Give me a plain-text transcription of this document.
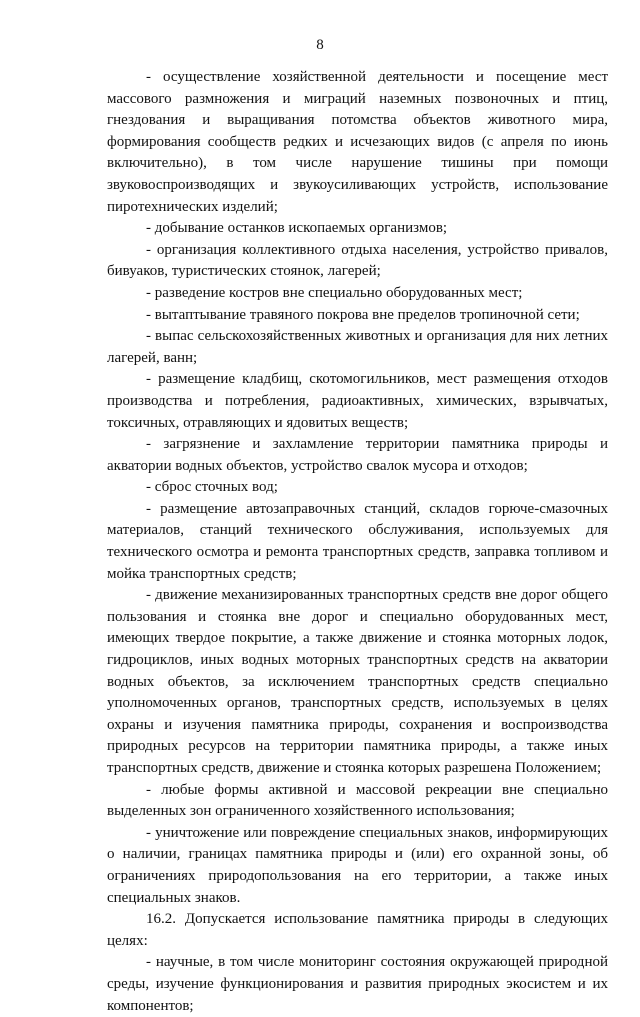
8

- осуществление хозяйственной деятельности и посещение мест массового размножения и миграций наземных позвоночных и птиц, гнездования и выращивания потомства объектов животного мира, формирования сообществ редких и исчезающих видов (с апреля по июнь включительно), в том числе нарушение тишины при помощи звуковоспроизводящих и звукоусиливающих устройств, использование пиротехнических изделий;

- добывание останков ископаемых организмов;

- организация коллективного отдыха населения, устройство привалов, бивуаков, туристических стоянок, лагерей;

- разведение костров вне специально оборудованных мест;

- вытаптывание травяного покрова вне пределов тропиночной сети;

- выпас сельскохозяйственных животных и организация для них летних лагерей, ванн;

- размещение кладбищ, скотомогильников, мест размещения отходов производства и потребления, радиоактивных, химических, взрывчатых, токсичных, отравляющих и ядовитых веществ;

- загрязнение и захламление территории памятника природы и акватории водных объектов, устройство свалок мусора и отходов;

- сброс сточных вод;

- размещение автозаправочных станций, складов горюче-смазочных материалов, станций технического обслуживания, используемых для технического осмотра и ремонта транспортных средств, заправка топливом и мойка транспортных средств;

- движение механизированных транспортных средств вне дорог общего пользования и стоянка вне дорог и специально оборудованных мест, имеющих твердое покрытие, а также движение и стоянка моторных лодок, гидроциклов, иных водных моторных транспортных средств на акватории водных объектов, за исключением транспортных средств специально уполномоченных органов, транспортных средств, используемых в целях охраны и изучения памятника природы, сохранения и воспроизводства природных ресурсов на территории памятника природы, а также иных транспортных средств, движение и стоянка которых разрешена Положением;

- любые формы активной и массовой рекреации вне специально выделенных зон ограниченного хозяйственного использования;

- уничтожение или повреждение специальных знаков, информирующих о наличии, границах памятника природы и (или) его охранной зоны, об ограничениях природопользования на его территории, а также иных специальных знаков.

16.2. Допускается использование памятника природы в следующих целях:

- научные, в том числе мониторинг состояния окружающей природной среды, изучение функционирования и развития природных экосистем и их компонентов;
